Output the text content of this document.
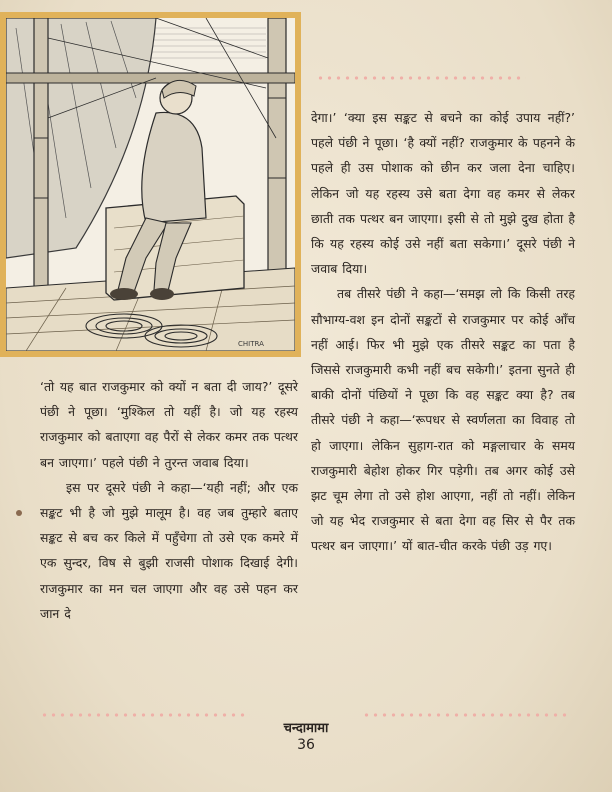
CHITRA

‘तो यह बात राजकुमार को क्यों न बता दी जाय?’ दूसरे पंछी ने पूछा। ‘मुश्किल तो यहीं है। जो यह रहस्य राजकुमार को बताएगा वह पैरों से लेकर कमर तक पत्थर बन जाएगा।’ पहले पंछी ने तुरन्त जवाब दिया।

इस पर दूसरे पंछी ने कहा—‘यही नहीं; और एक सङ्कट भी है जो मुझे मालूम है। वह जब तुम्हारे बताए सङ्कट से बच कर किले में पहुँचेगा तो उसे एक कमरे में एक सुन्दर, विष से बुझी राजसी पोशाक दिखाई देगी। राजकुमार का मन चल जाएगा और वह उसे पहन कर जान दे

देगा।’ ‘क्या इस सङ्कट से बचने का कोई उपाय नहीं?’ पहले पंछी ने पूछा। ‘है क्यों नहीं? राजकुमार के पहनने के पहले ही उस पोशाक को छीन कर जला देना चाहिए। लेकिन जो यह रहस्य उसे बता देगा वह कमर से लेकर छाती तक पत्थर बन जाएगा। इसी से तो मुझे दुख होता है कि यह रहस्य कोई उसे नहीं बता सकेगा।’ दूसरे पंछी ने जवाब दिया।

तब तीसरे पंछी ने कहा—‘समझ लो कि किसी तरह सौभाग्य-वश इन दोनों सङ्कटों से राजकुमार पर कोई आँच नहीं आई। फिर भी मुझे एक तीसरे सङ्कट का पता है जिससे राजकुमारी कभी नहीं बच सकेगी।’ इतना सुनते ही बाकी दोनों पंछियों ने पूछा कि वह सङ्कट क्या है? तब तीसरे पंछी ने कहा—‘रूपधर से स्वर्णलता का विवाह तो हो जाएगा। लेकिन सुहाग-रात को मङ्गलाचार के समय राजकुमारी बेहोश होकर गिर पड़ेगी। तब अगर कोई उसे झट चूम लेगा तो उसे होश आएगा, नहीं तो नहीं। लेकिन जो यह भेद राजकुमार से बता देगा वह सिर से पैर तक पत्थर बन जाएगा।’ यों बात-चीत करके पंछी उड़ गए।

चन्दामामा
36
